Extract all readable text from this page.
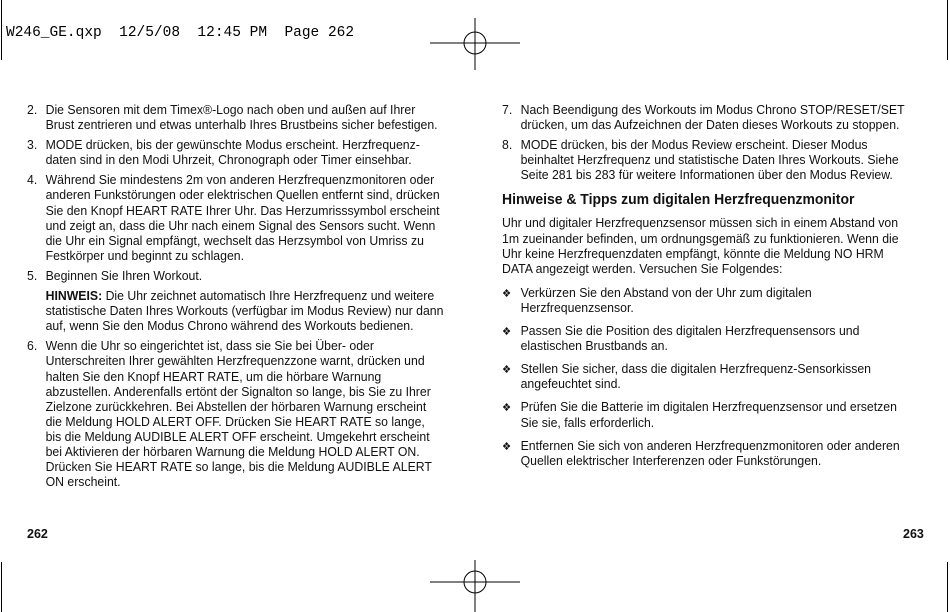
W246_GE.qxp  12/5/08  12:45 PM  Page 262
2. Die Sensoren mit dem Timex®-Logo nach oben und außen auf Ihrer Brust zentrieren und etwas unterhalb Ihres Brustbeins sicher befestigen.
3. MODE drücken, bis der gewünschte Modus erscheint. Herzfrequenz-daten sind in den Modi Uhrzeit, Chronograph oder Timer einsehbar.
4. Während Sie mindestens 2m von anderen Herzfrequenzmonitoren oder anderen Funkstörungen oder elektrischen Quellen entfernt sind, drücken Sie den Knopf HEART RATE Ihrer Uhr. Das Herzumrisssymbol erscheint und zeigt an, dass die Uhr nach einem Signal des Sensors sucht. Wenn die Uhr ein Signal empfängt, wechselt das Herzsymbol von Umriss zu Festkörper und beginnt zu schlagen.
5. Beginnen Sie Ihren Workout.
HINWEIS: Die Uhr zeichnet automatisch Ihre Herzfrequenz und weitere statistische Daten Ihres Workouts (verfügbar im Modus Review) nur dann auf, wenn Sie den Modus Chrono während des Workouts bedienen.
6. Wenn die Uhr so eingerichtet ist, dass sie Sie bei Über- oder Unterschreiten Ihrer gewählten Herzfrequenzzone warnt, drücken und halten Sie den Knopf HEART RATE, um die hörbare Warnung abzustellen. Anderenfalls ertönt der Signalton so lange, bis Sie zu Ihrer Zielzone zurückkehren. Bei Abstellen der hörbaren Warnung erscheint die Meldung HOLD ALERT OFF. Drücken Sie HEART RATE so lange, bis die Meldung AUDIBLE ALERT OFF erscheint. Umgekehrt erscheint bei Aktivieren der hörbaren Warnung die Meldung HOLD ALERT ON. Drücken Sie HEART RATE so lange, bis die Meldung AUDIBLE ALERT ON erscheint.
262
7. Nach Beendigung des Workouts im Modus Chrono STOP/RESET/SET drücken, um das Aufzeichnen der Daten dieses Workouts zu stoppen.
8. MODE drücken, bis der Modus Review erscheint. Dieser Modus beinhaltet Herzfrequenz und statistische Daten Ihres Workouts. Siehe Seite 281 bis 283 für weitere Informationen über den Modus Review.
Hinweise & Tipps zum digitalen Herzfrequenzmonitor
Uhr und digitaler Herzfrequenzsensor müssen sich in einem Abstand von 1m zueinander befinden, um ordnungsgemäß zu funktionieren. Wenn die Uhr keine Herzfrequenzdaten empfängt, könnte die Meldung NO HRM DATA angezeigt werden. Versuchen Sie Folgendes:
❖ Verkürzen Sie den Abstand von der Uhr zum digitalen Herzfrequenzsensor.
❖ Passen Sie die Position des digitalen Herzfrequensensors und elastischen Brustbands an.
❖ Stellen Sie sicher, dass die digitalen Herzfrequenz-Sensorkissen angefeuchtet sind.
❖ Prüfen Sie die Batterie im digitalen Herzfrequenzsensor und ersetzen Sie sie, falls erforderlich.
❖ Entfernen Sie sich von anderen Herzfrequenzmonitoren oder anderen Quellen elektrischer Interferenzen oder Funkstörungen.
263
